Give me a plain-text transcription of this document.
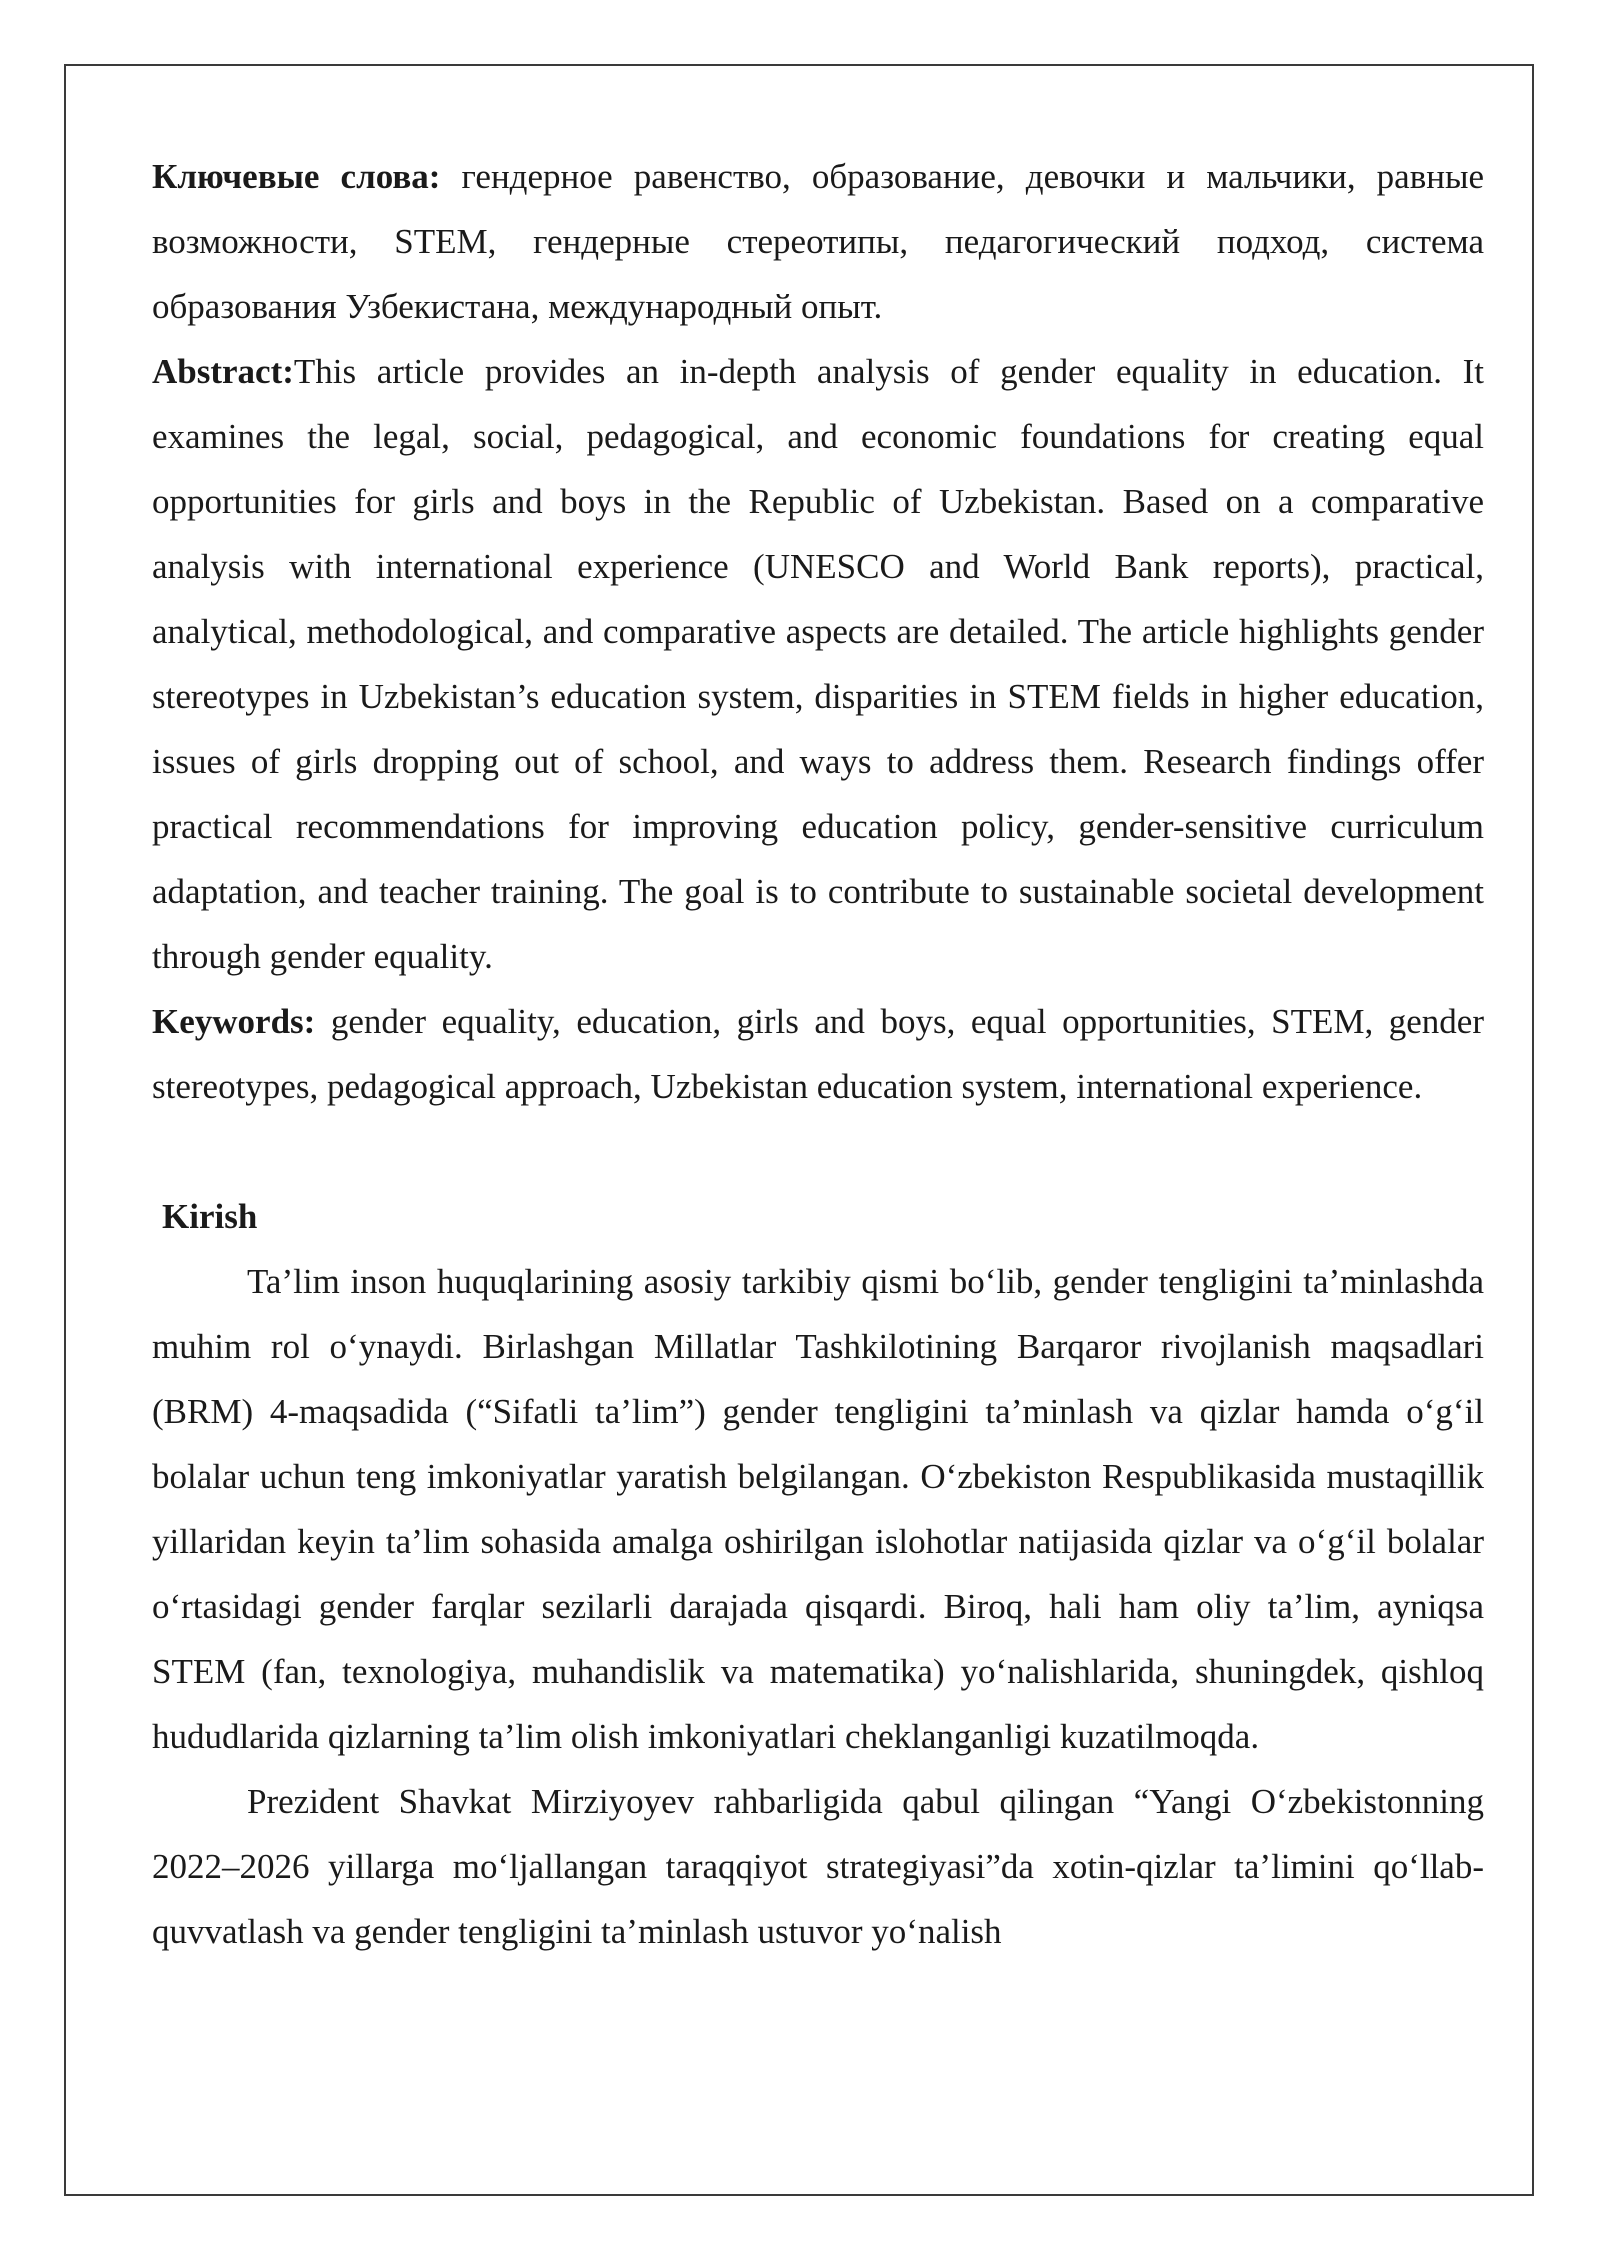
Ключевые слова: гендерное равенство, образование, девочки и мальчики, равные возможности, STEM, гендерные стереотипы, педагогический подход, система образования Узбекистана, международный опыт.

Abstract:This article provides an in-depth analysis of gender equality in education. It examines the legal, social, pedagogical, and economic foundations for creating equal opportunities for girls and boys in the Republic of Uzbekistan. Based on a comparative analysis with international experience (UNESCO and World Bank reports), practical, analytical, methodological, and comparative aspects are detailed. The article highlights gender stereotypes in Uzbekistan’s education system, disparities in STEM fields in higher education, issues of girls dropping out of school, and ways to address them. Research findings offer practical recommendations for improving education policy, gender-sensitive curriculum adaptation, and teacher training. The goal is to contribute to sustainable societal development through gender equality.

Keywords: gender equality, education, girls and boys, equal opportunities, STEM, gender stereotypes, pedagogical approach, Uzbekistan education system, international experience.

Kirish

Ta’lim inson huquqlarining asosiy tarkibiy qismi bo‘lib, gender tengligini ta’minlashda muhim rol o‘ynaydi. Birlashgan Millatlar Tashkilotining Barqaror rivojlanish maqsadlari (BRM) 4-maqsadida (“Sifatli ta’lim”) gender tengligini ta’minlash va qizlar hamda o‘g‘il bolalar uchun teng imkoniyatlar yaratish belgilangan. O‘zbekiston Respublikasida mustaqillik yillaridan keyin ta’lim sohasida amalga oshirilgan islohotlar natijasida qizlar va o‘g‘il bolalar o‘rtasidagi gender farqlar sezilarli darajada qisqardi. Biroq, hali ham oliy ta’lim, ayniqsa STEM (fan, texnologiya, muhandislik va matematika) yo‘nalishlarida, shuningdek, qishloq hududlarida qizlarning ta’lim olish imkoniyatlari cheklanganligi kuzatilmoqda.

Prezident Shavkat Mirziyoyev rahbarligida qabul qilingan “Yangi O‘zbekistonning 2022–2026 yillarga mo‘ljallangan taraqqiyot strategiyasi”da xotin-qizlar ta’limini qo‘llab-quvvatlash va gender tengligini ta’minlash ustuvor yo‘nalish
